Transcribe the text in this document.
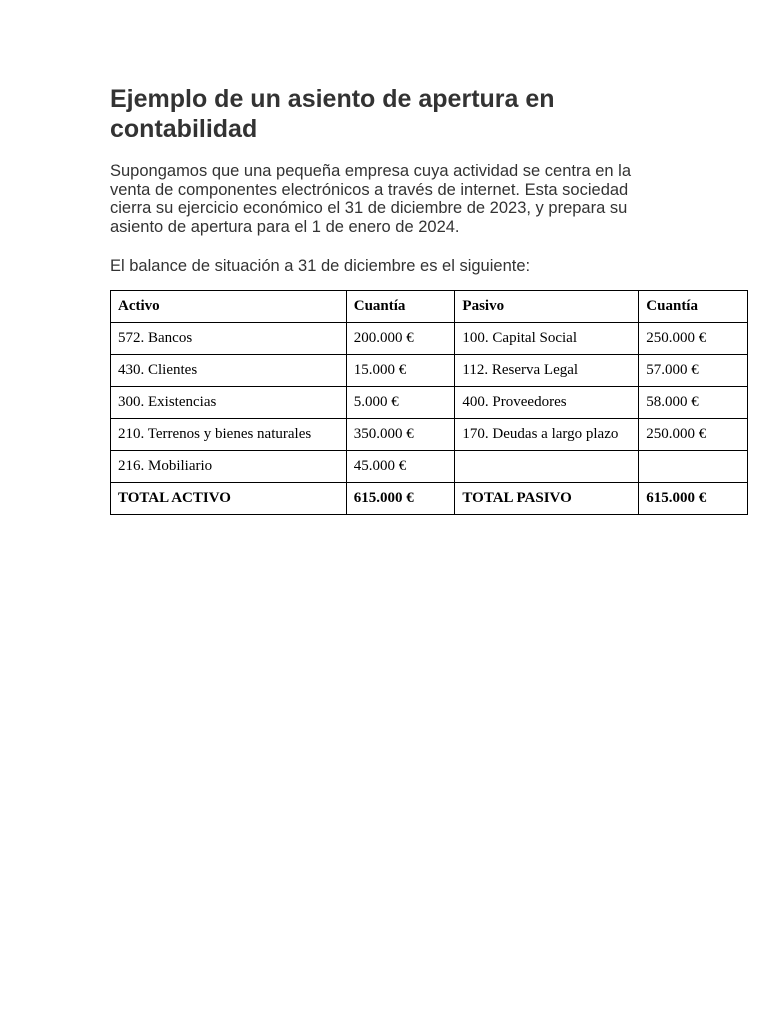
Ejemplo de un asiento de apertura en contabilidad

Supongamos que una pequeña empresa cuya actividad se centra en la venta de componentes electrónicos a través de internet. Esta sociedad cierra su ejercicio económico el 31 de diciembre de 2023, y prepara su asiento de apertura para el 1 de enero de 2024.

El balance de situación a 31 de diciembre es el siguiente:

Activo	Cuantía	Pasivo	Cuantía
572. Bancos	200.000 €	100. Capital Social	250.000 €
430. Clientes	15.000 €	112. Reserva Legal	57.000 €
300. Existencias	5.000 €	400. Proveedores	58.000 €
210. Terrenos y bienes naturales	350.000 €	170. Deudas a largo plazo	250.000 €
216. Mobiliario	45.000 €		
TOTAL ACTIVO	615.000 €	TOTAL PASIVO	615.000 €
